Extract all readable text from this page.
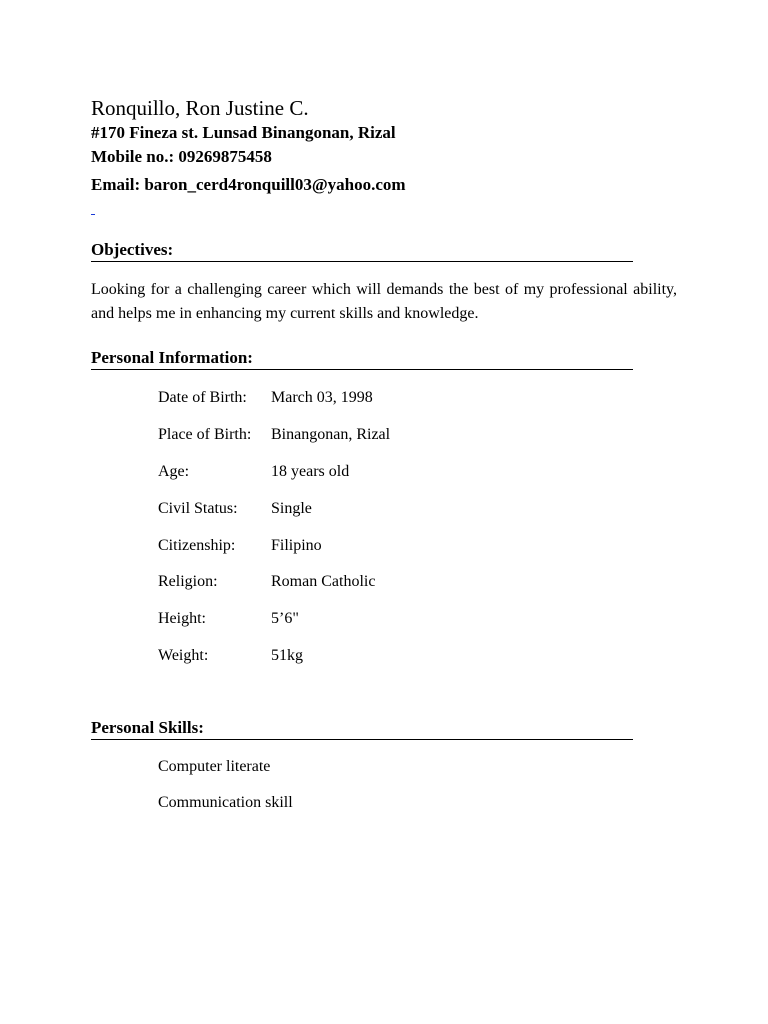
Ronquillo, Ron Justine C.
#170 Fineza st. Lunsad Binangonan, Rizal
Mobile no.: 09269875458
Email: baron_cerd4ronquill03@yahoo.com
Objectives:
Looking for a challenging career which will demands the best of my professional ability, and helps me in enhancing my current skills and knowledge.
Personal Information:
Date of Birth: March 03, 1998
Place of Birth: Binangonan, Rizal
Age:	18 years old
Civil Status: Single
Citizenship: Filipino
Religion:	Roman Catholic
Height:	5’6"
Weight:	51kg
Personal Skills:
Computer literate
Communication skill
